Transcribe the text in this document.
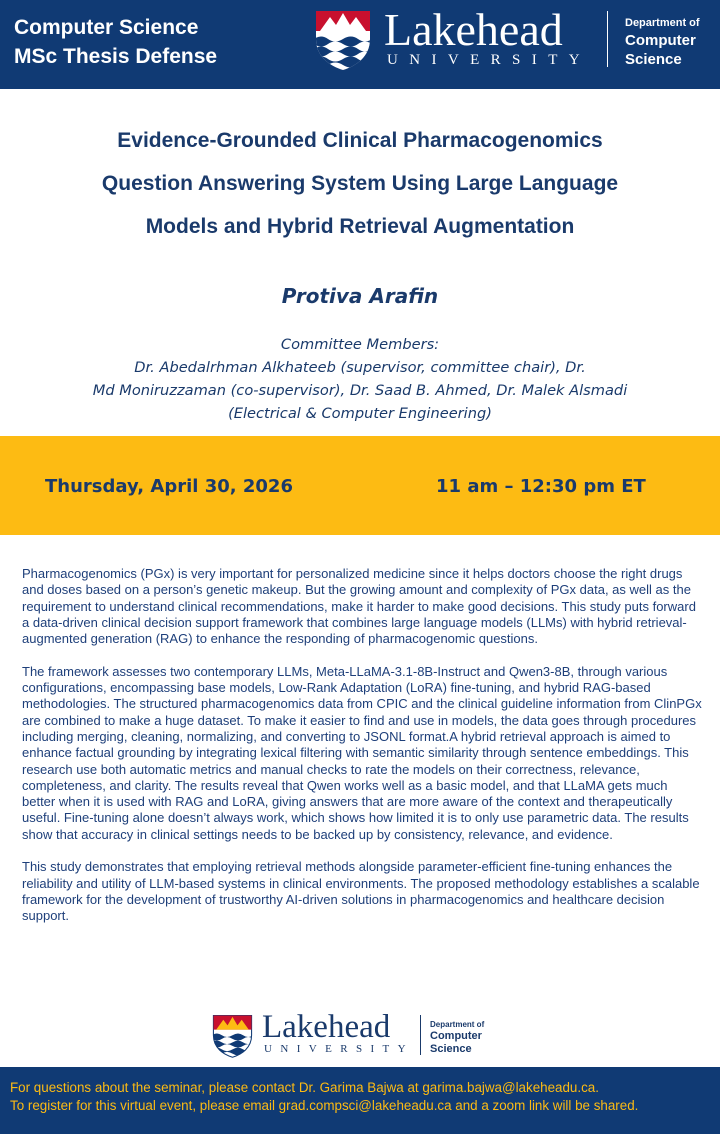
Computer Science
MSc Thesis Defense
Lakehead
UNIVERSITY
Department of
Computer
Science
Evidence-Grounded Clinical Pharmacogenomics
Question Answering System Using Large Language
Models and Hybrid Retrieval Augmentation
Protiva Arafin
Committee Members:
Dr. Abedalrhman Alkhateeb (supervisor, committee chair), Dr.
Md Moniruzzaman (co-supervisor), Dr. Saad B. Ahmed, Dr. Malek Alsmadi
(Electrical & Computer Engineering)
Thursday, April 30, 2026	11 am – 12:30 pm ET

Pharmacogenomics (PGx) is very important for personalized medicine since it helps doctors choose the right drugs and doses based on a person’s genetic makeup. But the growing amount and complexity of PGx data, as well as the requirement to understand clinical recommendations, make it harder to make good decisions. This study puts forward a data-driven clinical decision support framework that combines large language models (LLMs) with hybrid retrieval-augmented generation (RAG) to enhance the responding of pharmacogenomic questions.

The framework assesses two contemporary LLMs, Meta-LLaMA-3.1-8B-Instruct and Qwen3-8B, through various configurations, encompassing base models, Low-Rank Adaptation (LoRA) fine-tuning, and hybrid RAG-based methodologies. The structured pharmacogenomics data from CPIC and the clinical guideline information from ClinPGx are combined to make a huge dataset. To make it easier to find and use in models, the data goes through procedures including merging, cleaning, normalizing, and converting to JSONL format.A hybrid retrieval approach is aimed to enhance factual grounding by integrating lexical filtering with semantic similarity through sentence embeddings. This research use both automatic metrics and manual checks to rate the models on their correctness, relevance, completeness, and clarity. The results reveal that Qwen works well as a basic model, and that LLaMA gets much better when it is used with RAG and LoRA, giving answers that are more aware of the context and therapeutically useful. Fine-tuning alone doesn’t always work, which shows how limited it is to only use parametric data. The results show that accuracy in clinical settings needs to be backed up by consistency, relevance, and evidence.

This study demonstrates that employing retrieval methods alongside parameter-efficient fine-tuning enhances the reliability and utility of LLM-based systems in clinical environments. The proposed methodology establishes a scalable framework for the development of trustworthy AI-driven solutions in pharmacogenomics and healthcare decision support.

Lakehead
UNIVERSITY
Department of
Computer
Science
For questions about the seminar, please contact Dr. Garima Bajwa at garima.bajwa@lakeheadu.ca.
To register for this virtual event, please email grad.compsci@lakeheadu.ca and a zoom link will be shared.
